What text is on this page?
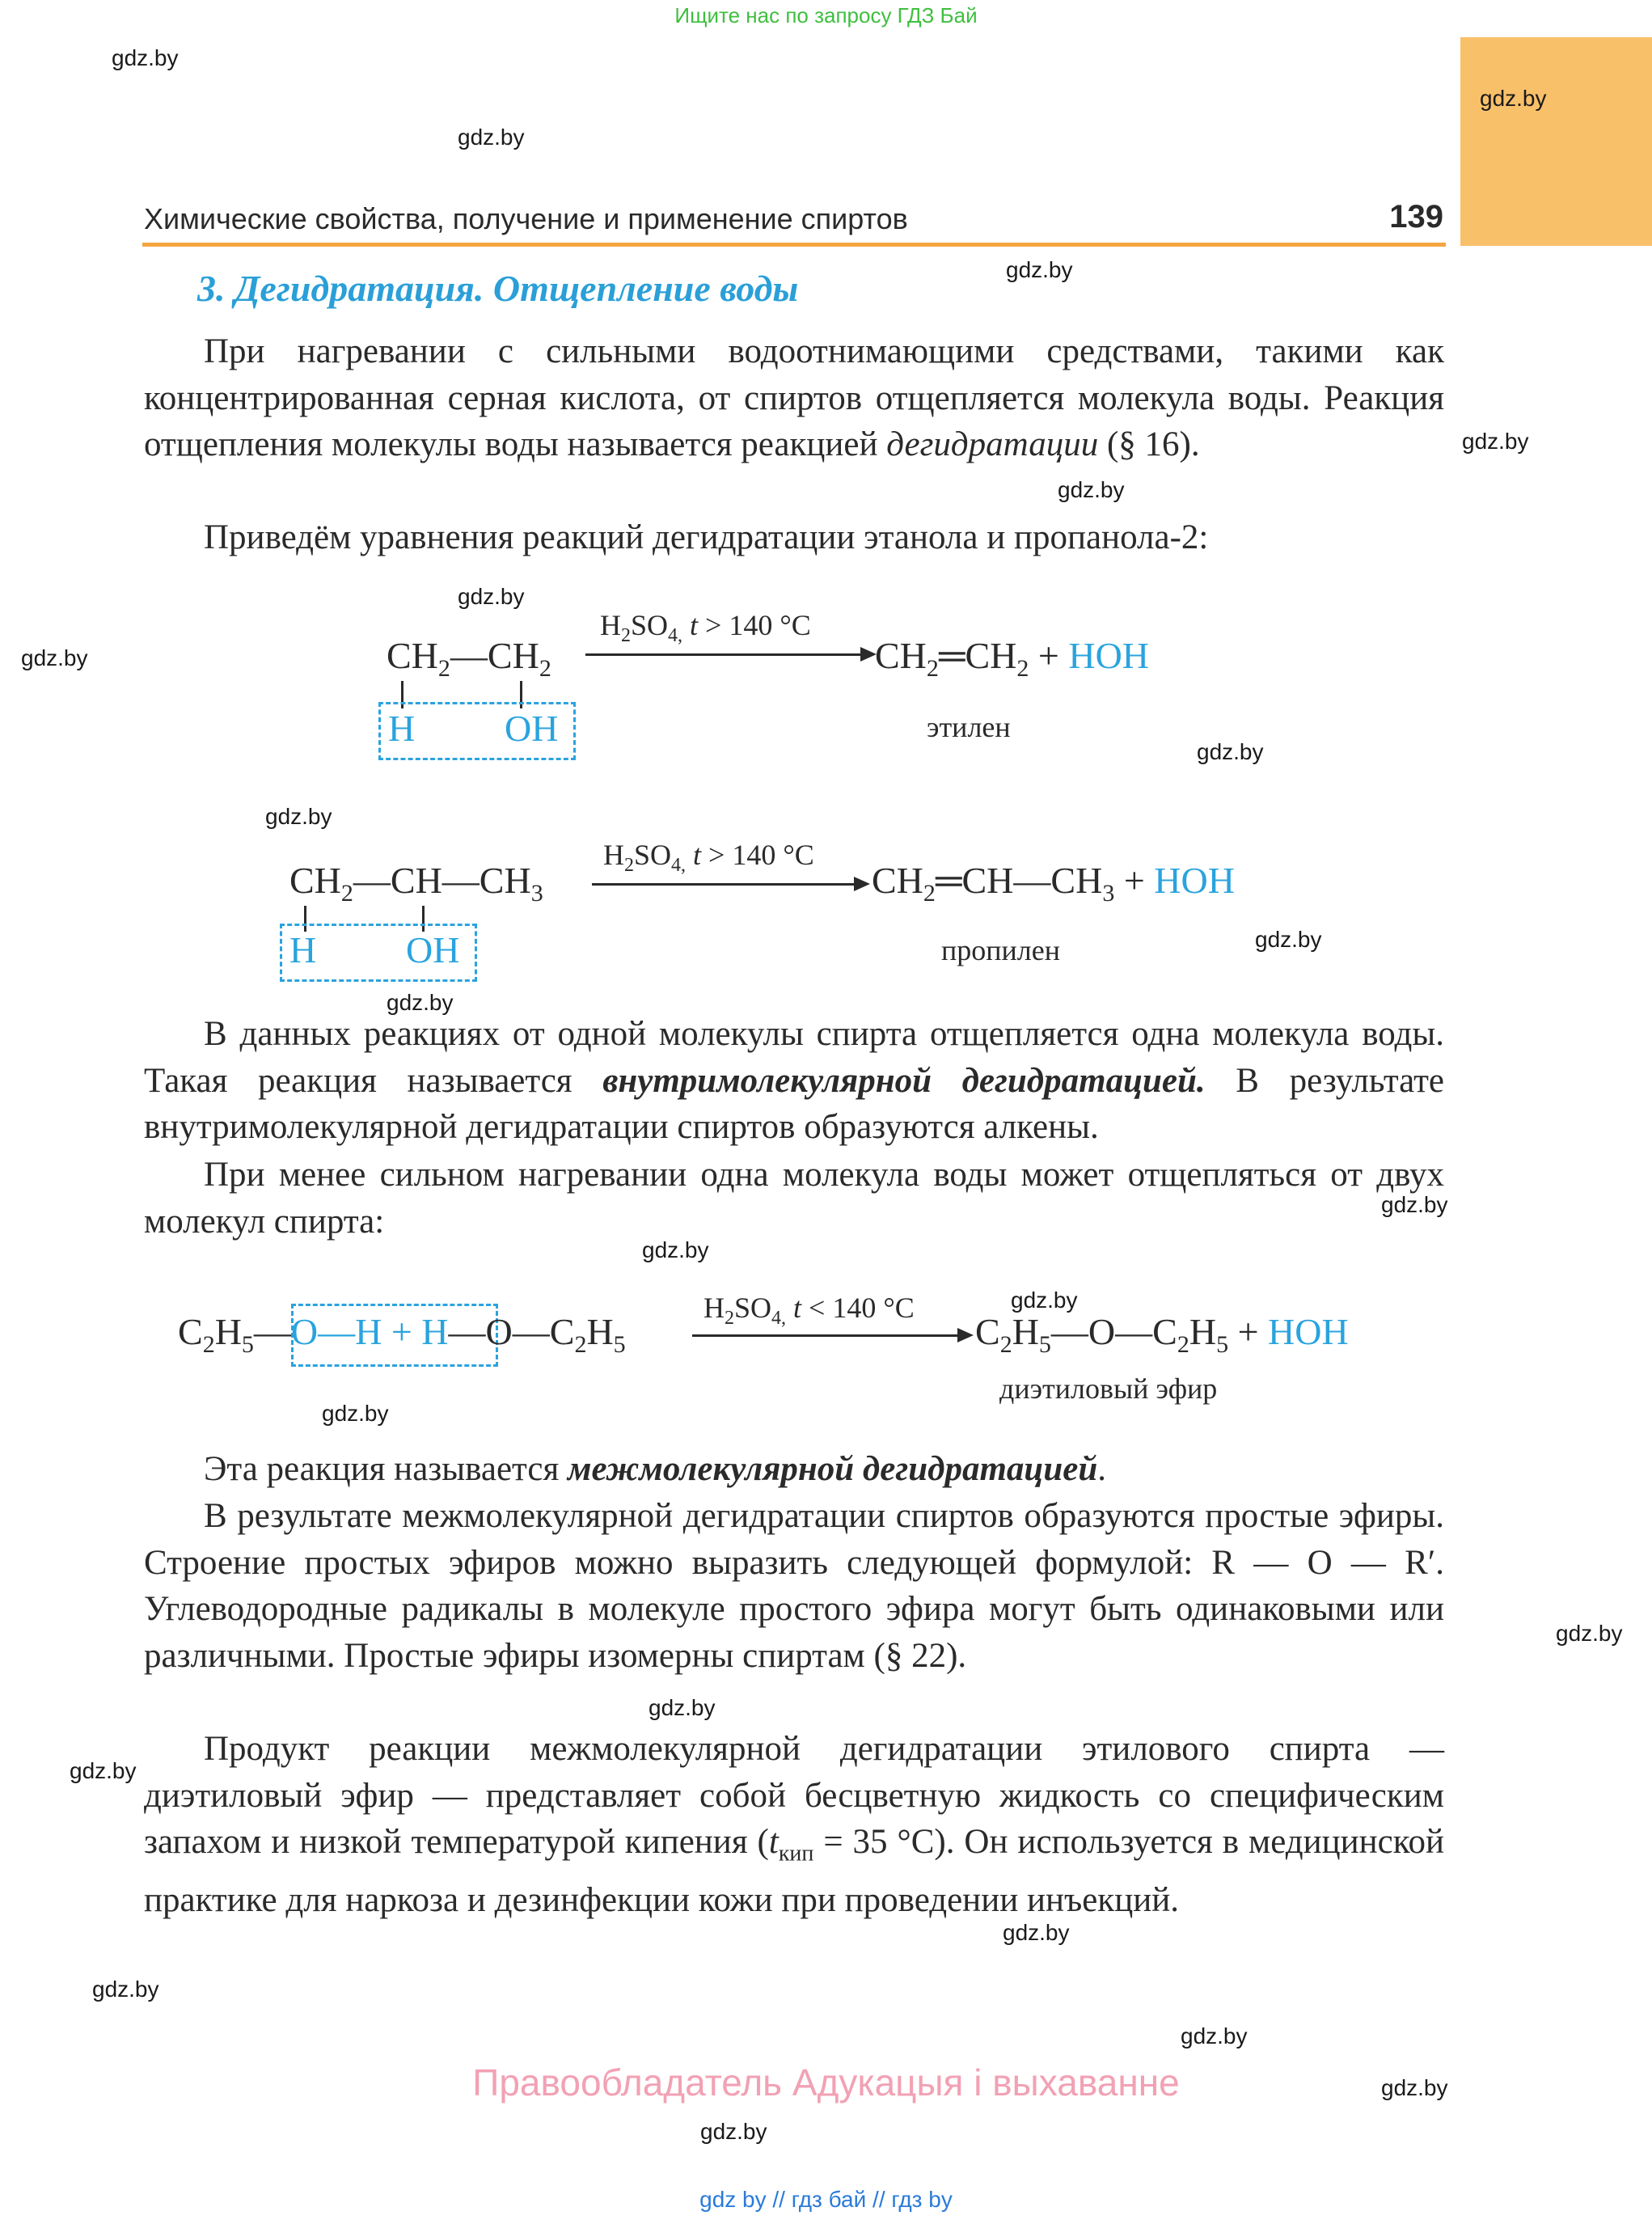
Ищите нас по запросу ГДЗ Бай
gdz.by
gdz.by
gdz.by
gdz.by
gdz.by
gdz.by
gdz.by
gdz.by
gdz.by
gdz.by
gdz.by
gdz.by
gdz.by
gdz.by
gdz.by
gdz.by
gdz.by
gdz.by
gdz.by
gdz.by
gdz.by
gdz.by
gdz.by
gdz.by
Химические свойства, получение и применение спиртов	139
3. Дегидратация. Отщепление воды

При нагревании с сильными водоотнимающими средствами, такими как концентрированная серная кислота, от спиртов отщепляется молекула воды. Реакция отщепления молекулы воды называется реакцией дегидратации (§ 16).

Приведём уравнения реакций дегидратации этанола и пропанола-2:

$CH_2—CH_2$
H OH
$H_2SO_{4,}$ t > 140 °C
$CH_2═CH_2$ + HOH
этилен
$CH_2—CH—CH_3$
H OH
$H_2SO_{4,}$ t > 140 °C
$CH_2═CH—CH_3$ + HOH
пропилен

В данных реакциях от одной молекулы спирта отщепляется одна молекула воды. Такая реакция называется внутримолекулярной дегидратацией. В результате внутримолекулярной дегидратации спиртов образуются алкены.

При менее сильном нагревании одна молекула воды может отщепляться от двух молекул спирта:

$C_2H_5—O—H$ + $H—O—C_2H_5$
$H_2SO_{4,}$ t < 140 °C
$C_2H_5—O—C_2H_5$ + HOH
диэтиловый эфир

Эта реакция называется межмолекулярной дегидратацией.

В результате межмолекулярной дегидратации спиртов образуются простые эфиры. Строение простых эфиров можно выразить следующей формулой: R — O — R′. Углеводородные радикалы в молекуле простого эфира могут быть одинаковыми или различными. Простые эфиры изомерны спиртам (§ 22).

Продукт реакции межмолекулярной дегидратации этилового спирта — диэтиловый эфир — представляет собой бесцветную жидкость со специфическим запахом и низкой температурой кипения ($t_{кип} = 35$ °C). Он используется в медицинской практике для наркоза и дезинфекции кожи при проведении инъекций.

Правообладатель Адукацыя і выхаванне
gdz by // гдз бай // гдз by
